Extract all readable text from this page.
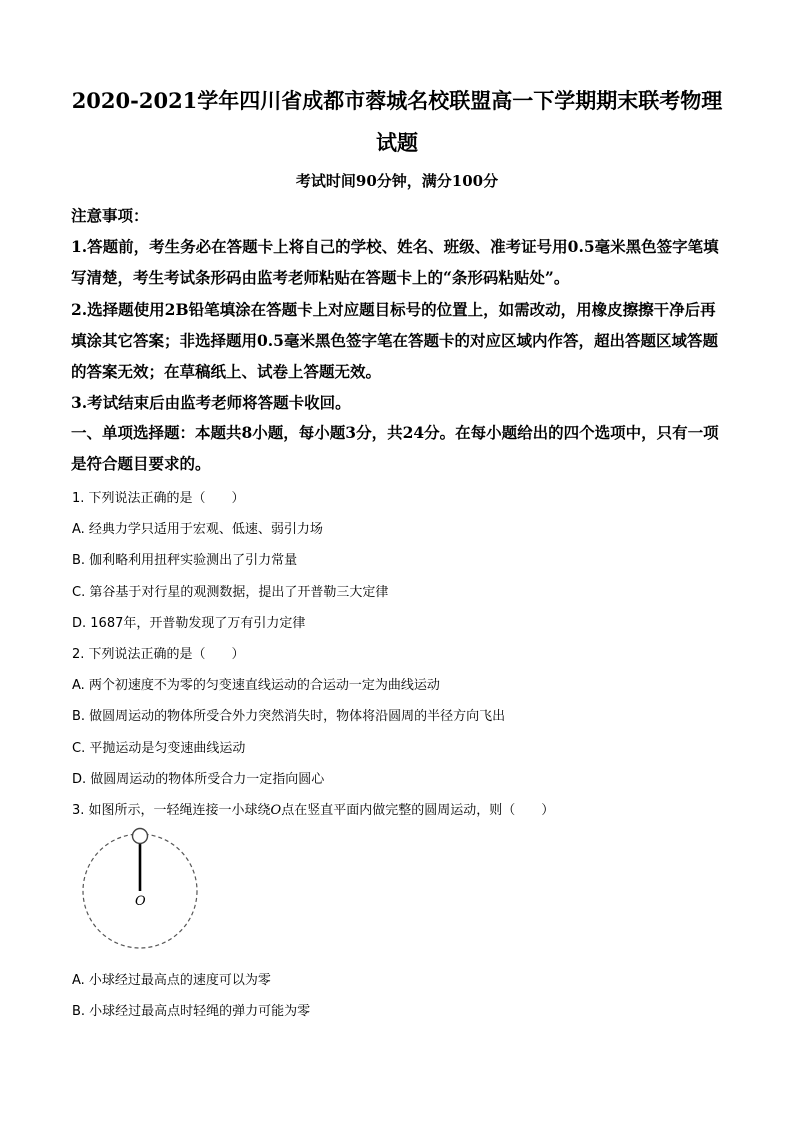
2020-2021学年四川省成都市蓉城名校联盟高一下学期期末联考物理
试题
考试时间90分钟，满分100分

注意事项：

1.答题前，考生务必在答题卡上将自己的学校、姓名、班级、准考证号用0.5毫米黑色签字笔填写清楚，考生考试条形码由监考老师粘贴在答题卡上的“条形码粘贴处”。

2.选择题使用2B铅笔填涂在答题卡上对应题目标号的位置上，如需改动，用橡皮擦擦干净后再填涂其它答案；非选择题用0.5毫米黑色签字笔在答题卡的对应区域内作答，超出答题区域答题的答案无效；在草稿纸上、试卷上答题无效。

3.考试结束后由监考老师将答题卡收回。

一、单项选择题：本题共8小题，每小题3分，共24分。在每小题给出的四个选项中，只有一项是符合题目要求的。

1. 下列说法正确的是（　　）

A. 经典力学只适用于宏观、低速、弱引力场

B. 伽利略利用扭秤实验测出了引力常量

C. 第谷基于对行星的观测数据，提出了开普勒三大定律

D. 1687年，开普勒发现了万有引力定律

2. 下列说法正确的是（　　）

A. 两个初速度不为零的匀变速直线运动的合运动一定为曲线运动

B. 做圆周运动的物体所受合外力突然消失时，物体将沿圆周的半径方向飞出

C. 平抛运动是匀变速曲线运动

D. 做圆周运动的物体所受合力一定指向圆心

3. 如图所示，一轻绳连接一小球绕O点在竖直平面内做完整的圆周运动，则（　　）

O

A. 小球经过最高点的速度可以为零

B. 小球经过最高点时轻绳的弹力可能为零
